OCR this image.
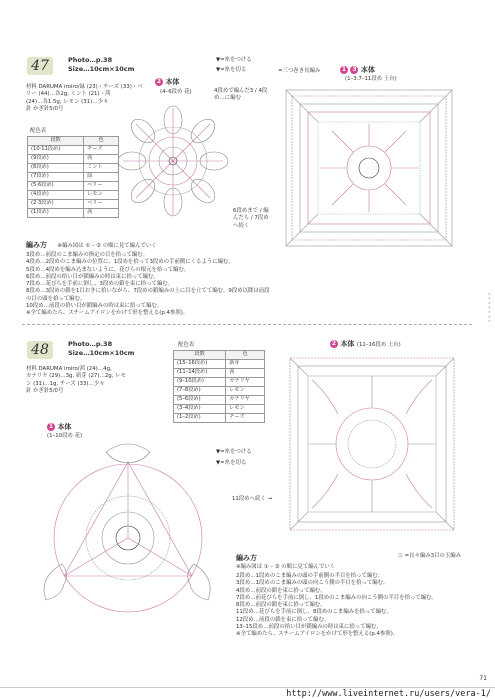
47	Photo…p.38
Size…10cm×10cm
材料 DARUMA iroiro/緑 (23)・チーズ (33)・ベリー (44)…各2g, ミント (21)・茜
(24)…各1.5g, レモン (31)…少々
針 かぎ針5/0号
配色表
段数	色
(10·11段め)	チーズ
(9段め)	茜
(8段め)	ミント
(7段め)	緑
(5·6段め)	ベリー
(4段め)	レモン
(2·3段め)	ベリー
(1段め)	茜
2 本体
(4–6段め 花)
▼=糸をつける
▼=糸を切る
4段めで編んだ3 / 4段め…に編む
6段めまで / 編んだら / 7段めへ続く
=三つ巻き長編み	1 3 本体
(1–3.7–11段め 土台)
編み方 ※編み図は ① – ② の順に見て編んでいく
3段め…前段のこま編みの指定の目を拾って編む。
4段め…2段めのこま編みの位置に、1段めを拾って3段めの手前側にくるように編む。
5段め…4段めを編み込まないように、花びらの根元を拾って編む。
6段め…前段の拾い目が鎖編みの時は束に拾って編む。
7段め…花びらを手前に倒し、3段めの鎖を束に拾って編む。
8段め…3段めの鎖を1目おきに拾いながら、7段めの鎖編みの上に目を立てて編む。9段め以降は前段の目の頭を拾って編む。
10段め…前段の拾い目が鎖編みの時は束に拾って編む。
※全て編めたら、スチームアイロンをかけて形を整える(p.4参照)。	•••••••
48	Photo…p.38
Size…10cm×10cm
材料 DARUMA iroiro/茜 (24)…4g,
カナリヤ (29)…3g, 新芽 (27)…2g, レモ
ン (31)…1g, チーズ (33)…少々
針 かぎ針5/0号
配色表
段数	色
(15–16段め)	新芽
(11–14段め)	茜
(9–10段め)	カナリヤ
(7–8段め)	レモン
(5–6段め)	カナリヤ
(3–4段め)	レモン
(1–2段め)	チーズ
1 本体
(1–10段め 花)
▼=糸をつける
▼=糸を切る
11段めへ続く →
2 本体 (11–16段め 土台)
☰ =長々編み3目の玉編み
編み方
※編み図は ① – ② の順に見て編んでいく
2段め…1段めのこま編みの頭の手前側の半目を拾って編む。
3段め…1段めのこま編みの頭の向こう側の半目を拾って編む。
4段め…前段の鎖を束に拾って編む。
7段め…前花びらを手前に倒し、1段めのこま編みの向こう側の半目を拾って編む。
8段め…前段の鎖を束に拾って編む。
11段め…花びらを手前に倒し、8段めのこま編みを拾って編む。
12段め…前段の鎖を束に拾って編む。
13–15段め…前段の拾い目が鎖編みの時は束に拾って編む。
※全て編めたら、スチームアイロンをかけて形を整える(p.4参照)。
71
http://www.liveinternet.ru/users/vera-1/
